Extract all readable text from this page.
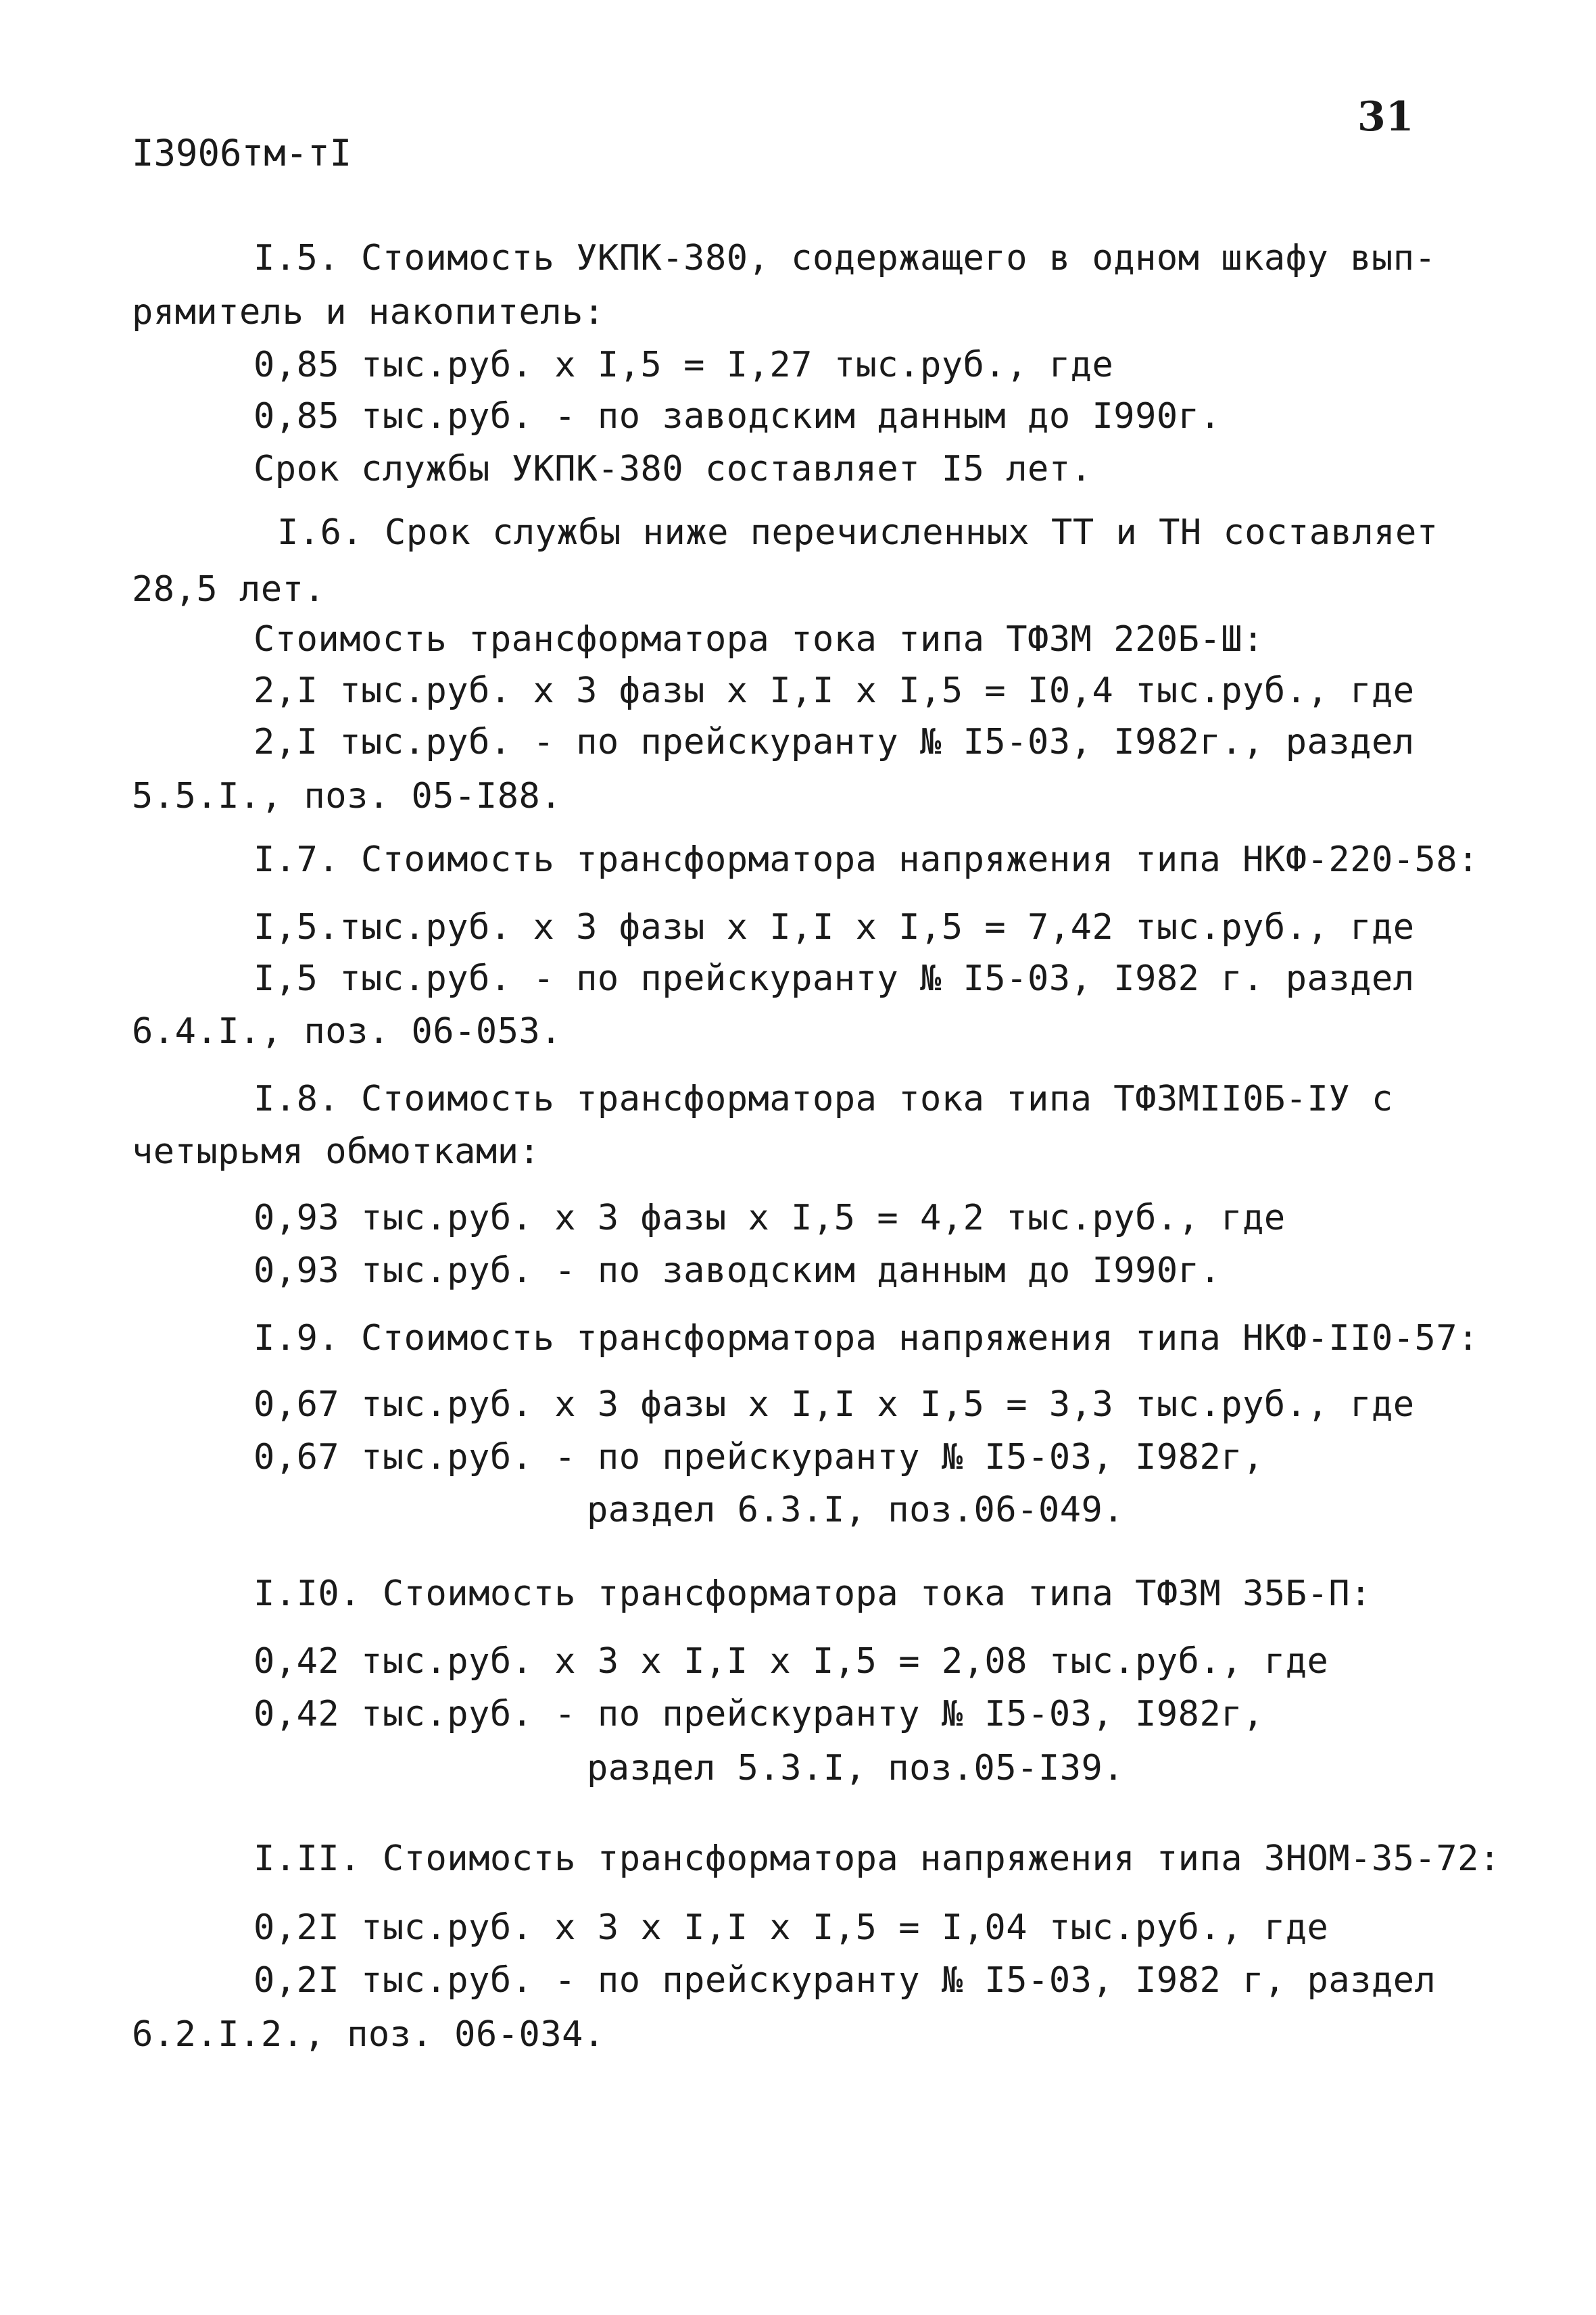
31
I3906тм-тI
I.5. Стоимость УКПК-380, содержащего в одном шкафу вып-
рямитель и накопитель:
0,85 тыс.руб. х I,5 = I,27 тыс.руб., где
0,85 тыс.руб. - по заводским данным до I990г.
Срок службы УКПК-380 составляет I5 лет.
I.6. Срок службы ниже перечисленных ТТ и ТН составляет
28,5 лет.
Стоимость трансформатора тока типа ТФЗМ 220Б-Ш:
2,I тыс.руб. х 3 фазы х I,I х I,5 = I0,4 тыс.руб., где
2,I тыс.руб. - по прейскуранту № I5-03, I982г., раздел
5.5.I., поз. 05-I88.
I.7. Стоимость трансформатора напряжения типа НКФ-220-58:
I,5.тыс.руб. х 3 фазы х I,I х I,5 = 7,42 тыс.руб., где
I,5 тыс.руб. - по прейскуранту № I5-03, I982 г. раздел
6.4.I., поз. 06-053.
I.8. Стоимость трансформатора тока типа ТФЗМII0Б-IУ с
четырьмя обмотками:
0,93 тыс.руб. х 3 фазы х I,5 = 4,2 тыс.руб., где
0,93 тыс.руб. - по заводским данным до I990г.
I.9. Стоимость трансформатора напряжения типа НКФ-II0-57:
0,67 тыс.руб. х 3 фазы х I,I х I,5 = 3,3 тыс.руб., где
0,67 тыс.руб. - по прейскуранту № I5-03, I982г,
раздел 6.3.I, поз.06-049.
I.I0. Стоимость трансформатора тока типа ТФЗМ 35Б-П:
0,42 тыс.руб. х 3 х I,I х I,5 = 2,08 тыс.руб., где
0,42 тыс.руб. - по прейскуранту № I5-03, I982г,
раздел 5.3.I, поз.05-I39.
I.II. Стоимость трансформатора напряжения типа ЗНОМ-35-72:
0,2I тыс.руб. х 3 х I,I х I,5 = I,04 тыс.руб., где
0,2I тыс.руб. - по прейскуранту № I5-03, I982 г, раздел
6.2.I.2., поз. 06-034.
